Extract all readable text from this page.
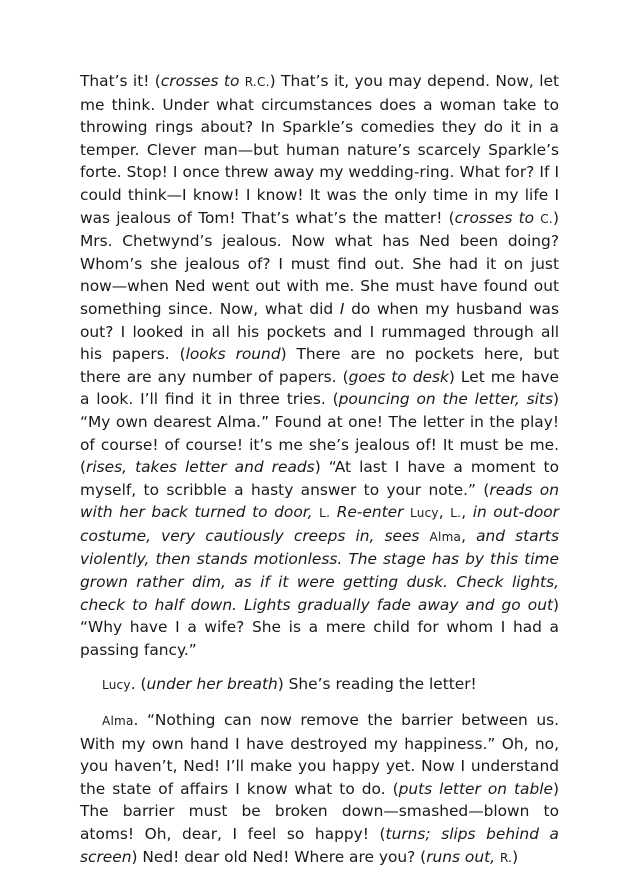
That’s it! (crosses to R.C.) That’s it, you may depend. Now, let me think. Under what circumstances does a woman take to throwing rings about? In Sparkle’s comedies they do it in a temper. Clever man—but human nature’s scarcely Sparkle’s forte. Stop! I once threw away my wedding-ring. What for? If I could think—I know! I know! It was the only time in my life I was jealous of Tom! That’s what’s the matter! (crosses to C.) Mrs. Chetwynd’s jealous. Now what has Ned been doing? Whom’s she jealous of? I must find out. She had it on just now—when Ned went out with me. She must have found out something since. Now, what did I do when my husband was out? I looked in all his pockets and I rummaged through all his papers. (looks round) There are no pockets here, but there are any number of papers. (goes to desk) Let me have a look. I’ll find it in three tries. (pouncing on the letter, sits) “My own dearest Alma.” Found at one! The letter in the play! of course! of course! it’s me she’s jealous of! It must be me. (rises, takes letter and reads) “At last I have a moment to myself, to scribble a hasty answer to your note.” (reads on with her back turned to door, L. Re-enter Lucy, L., in out-door costume, very cautiously creeps in, sees Alma, and starts violently, then stands motionless. The stage has by this time grown rather dim, as if it were getting dusk. Check lights, check to half down. Lights gradually fade away and go out) “Why have I a wife? She is a mere child for whom I had a passing fancy.”

Lucy. (under her breath) She’s reading the letter!

Alma. “Nothing can now remove the barrier between us. With my own hand I have destroyed my happiness.” Oh, no, you haven’t, Ned! I’ll make you happy yet. Now I understand the state of affairs I know what to do. (puts letter on table) The barrier must be broken down—smashed—blown to atoms! Oh, dear, I feel so happy! (turns; slips behind a screen) Ned! dear old Ned! Where are you? (runs out, R.)
